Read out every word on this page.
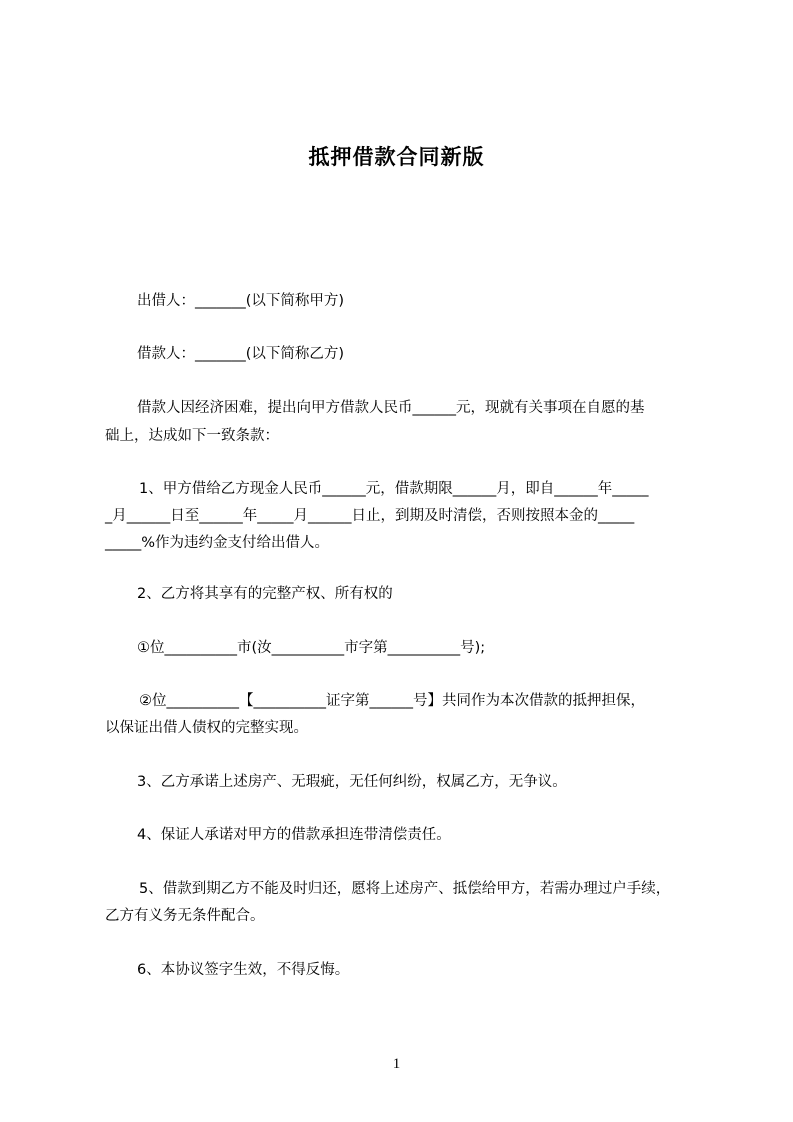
抵押借款合同新版

出借人：_______(以下简称甲方)

借款人：_______(以下简称乙方)

借款人因经济困难，提出向甲方借款人民币______元，现就有关事项在自愿的基

础上，达成如下一致条款：

1、甲方借给乙方现金人民币______元，借款期限______月，即自______年_____

_月______日至______年_____月______日止，到期及时清偿，否则按照本金的_____

_____%作为违约金支付给出借人。

2、乙方将其享有的完整产权、所有权的

①位__________市(汝__________市字第__________号);

②位__________【__________证字第______号】共同作为本次借款的抵押担保，

以保证出借人债权的完整实现。

3、乙方承诺上述房产、无瑕疵，无任何纠纷，权属乙方，无争议。

4、保证人承诺对甲方的借款承担连带清偿责任。

5、借款到期乙方不能及时归还，愿将上述房产、抵偿给甲方，若需办理过户手续，

乙方有义务无条件配合。

6、本协议签字生效，不得反悔。

1
